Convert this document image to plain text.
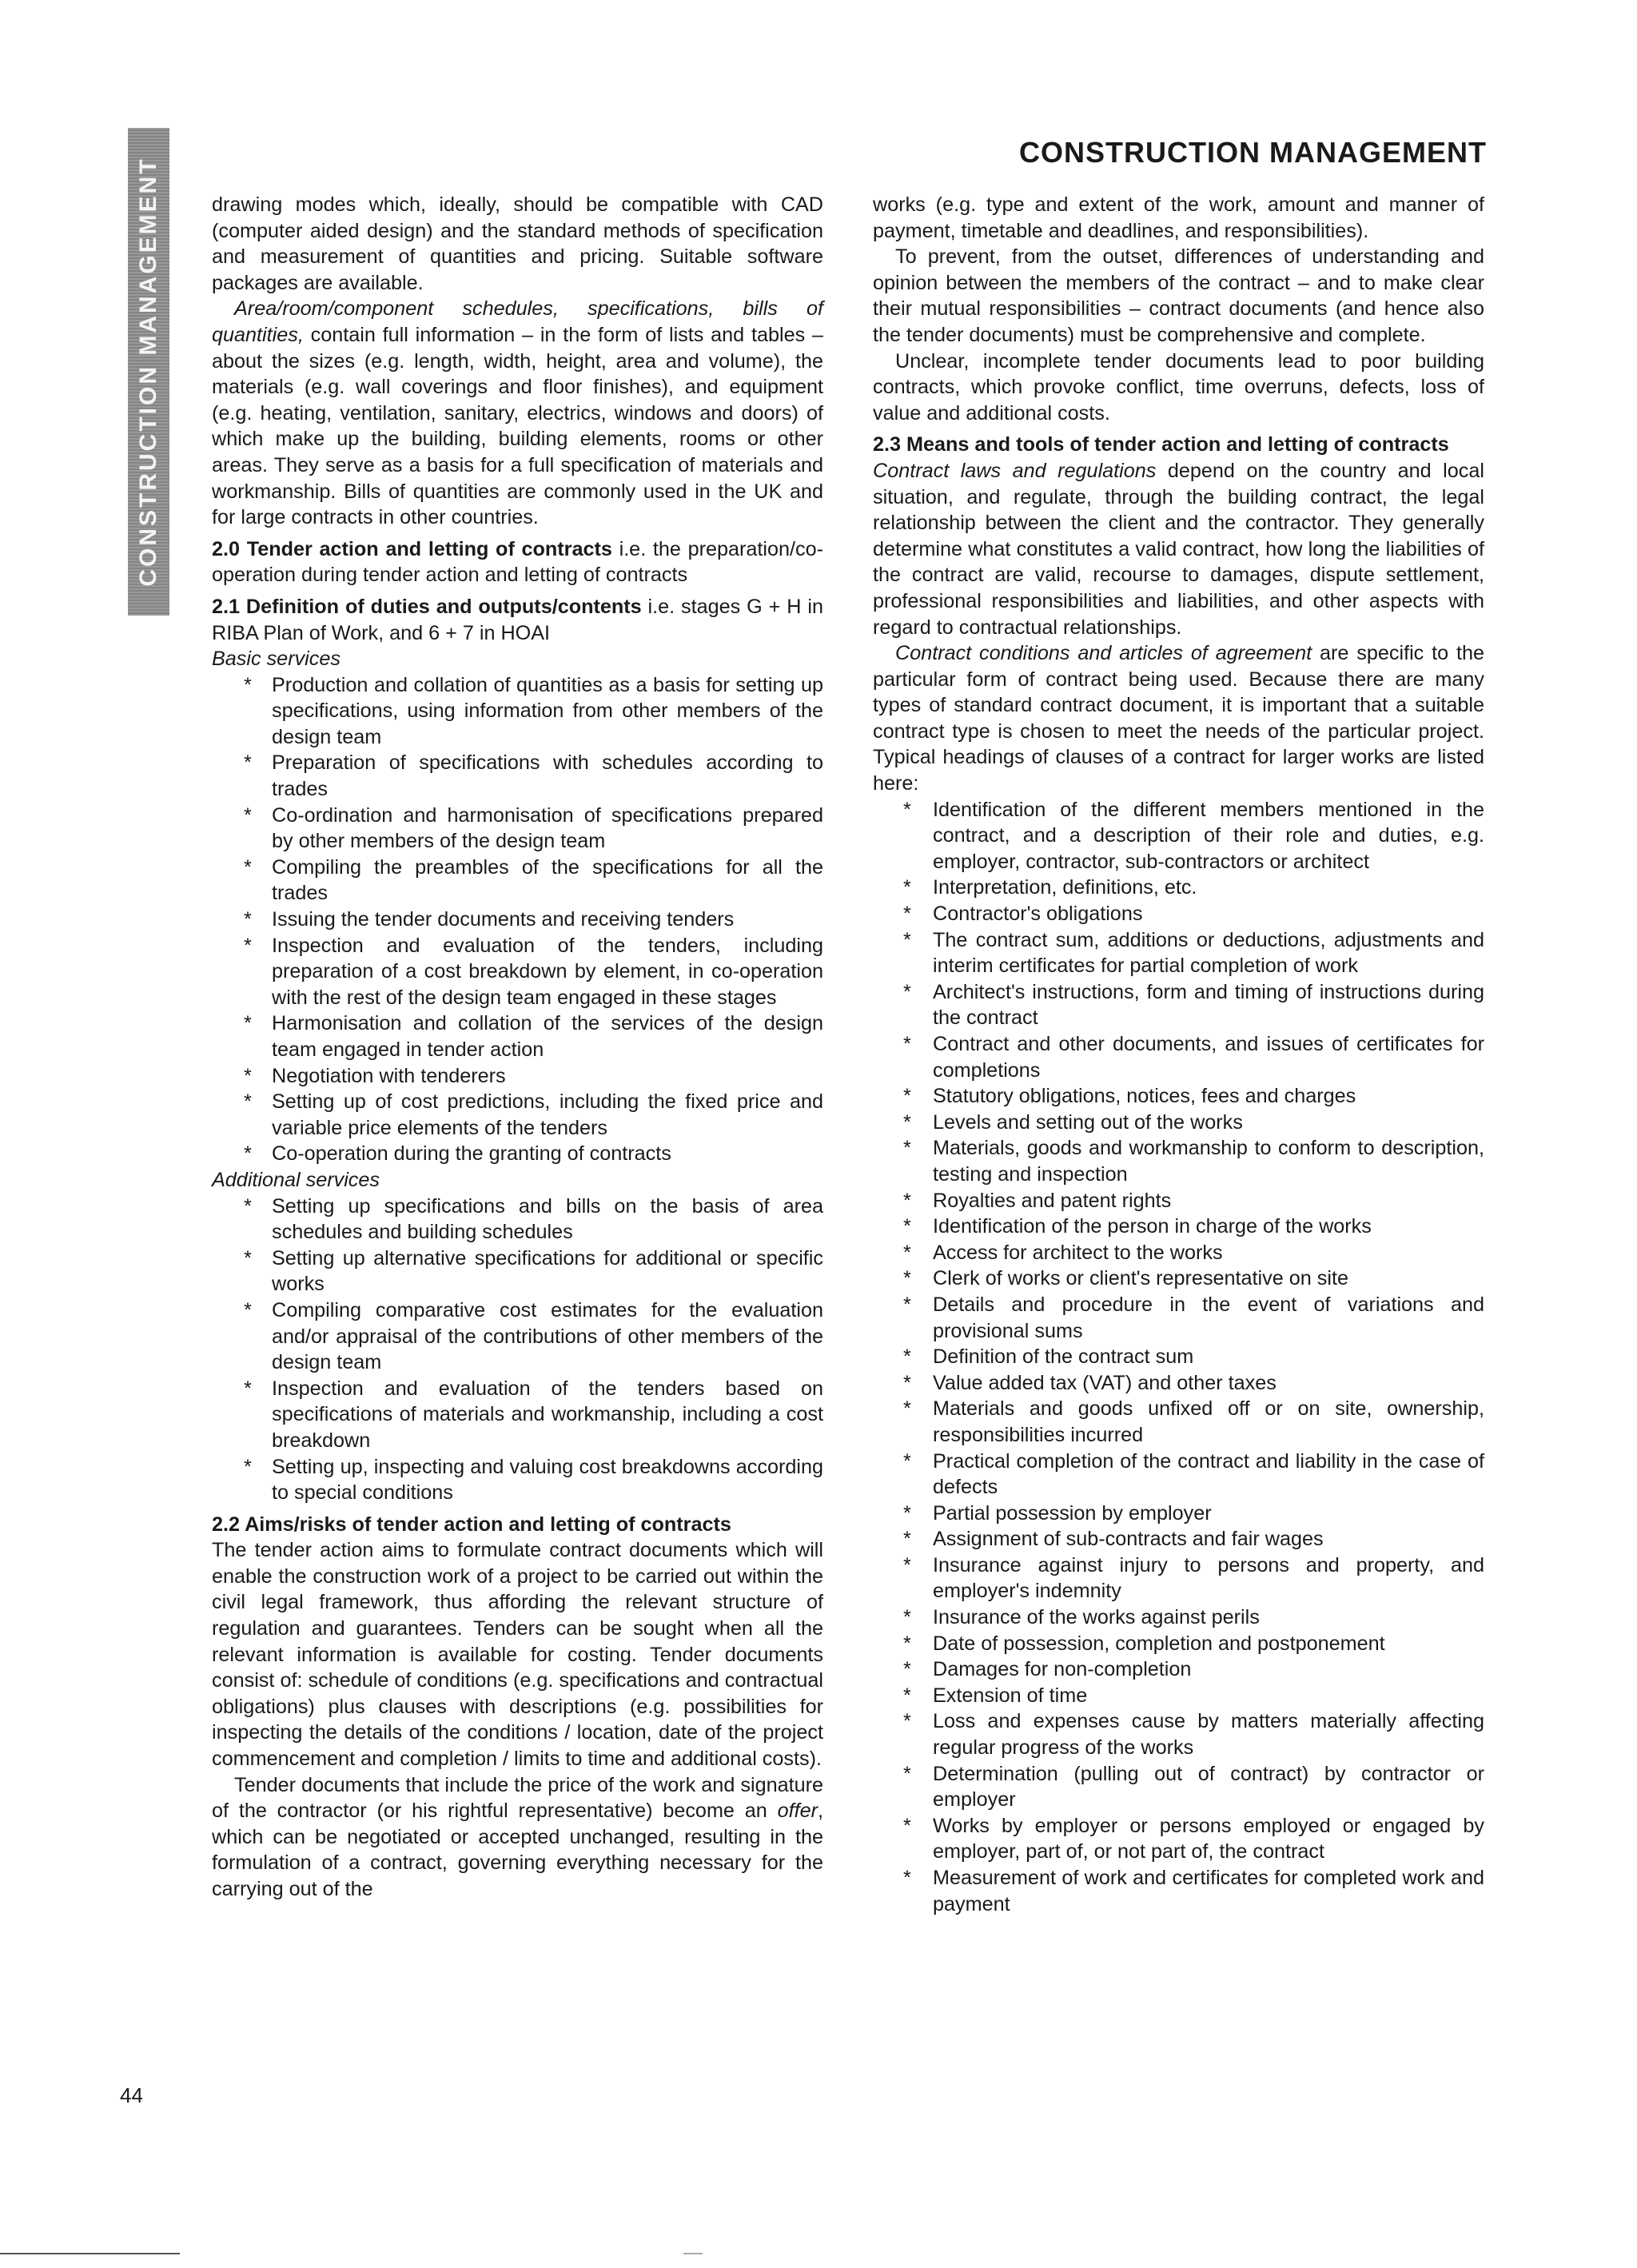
CONSTRUCTION MANAGEMENT
CONSTRUCTION MANAGEMENT

drawing modes which, ideally, should be compatible with CAD (computer aided design) and the standard methods of specification and measurement of quantities and pricing. Suitable software packages are available.

Area/room/component schedules, specifications, bills of quantities, contain full information – in the form of lists and tables – about the sizes (e.g. length, width, height, area and volume), the materials (e.g. wall coverings and floor finishes), and equipment (e.g. heating, ventilation, sanitary, electrics, windows and doors) of which make up the building, building elements, rooms or other areas. They serve as a basis for a full specification of materials and workmanship. Bills of quantities are commonly used in the UK and for large contracts in other countries.

2.0 Tender action and letting of contracts i.e. the preparation/co-operation during tender action and letting of contracts
2.1 Definition of duties and outputs/contents i.e. stages G + H in RIBA Plan of Work, and 6 + 7 in HOAI
Basic services
* Production and collation of quantities as a basis for setting up specifications, using information from other members of the design team
* Preparation of specifications with schedules according to trades
* Co-ordination and harmonisation of specifications prepared by other members of the design team
* Compiling the preambles of the specifications for all the trades
* Issuing the tender documents and receiving tenders
* Inspection and evaluation of the tenders, including preparation of a cost breakdown by element, in co-operation with the rest of the design team engaged in these stages
* Harmonisation and collation of the services of the design team engaged in tender action
* Negotiation with tenderers
* Setting up of cost predictions, including the fixed price and variable price elements of the tenders
* Co-operation during the granting of contracts
Additional services
* Setting up specifications and bills on the basis of area schedules and building schedules
* Setting up alternative specifications for additional or specific works
* Compiling comparative cost estimates for the evaluation and/or appraisal of the contributions of other members of the design team
* Inspection and evaluation of the tenders based on specifications of materials and workmanship, including a cost breakdown
* Setting up, inspecting and valuing cost breakdowns according to special conditions
2.2 Aims/risks of tender action and letting of contracts

The tender action aims to formulate contract documents which will enable the construction work of a project to be carried out within the civil legal framework, thus affording the relevant structure of regulation and guarantees. Tenders can be sought when all the relevant information is available for costing. Tender documents consist of: schedule of conditions (e.g. specifications and contractual obligations) plus clauses with descriptions (e.g. possibilities for inspecting the details of the conditions / location, date of the project commencement and completion / limits to time and additional costs).

Tender documents that include the price of the work and signature of the contractor (or his rightful representative) become an offer, which can be negotiated or accepted unchanged, resulting in the formulation of a contract, governing everything necessary for the carrying out of the

works (e.g. type and extent of the work, amount and manner of payment, timetable and deadlines, and responsibilities).

To prevent, from the outset, differences of understanding and opinion between the members of the contract – and to make clear their mutual responsibilities – contract documents (and hence also the tender documents) must be comprehensive and complete.

Unclear, incomplete tender documents lead to poor building contracts, which provoke conflict, time overruns, defects, loss of value and additional costs.

2.3 Means and tools of tender action and letting of contracts

Contract laws and regulations depend on the country and local situation, and regulate, through the building contract, the legal relationship between the client and the contractor. They generally determine what constitutes a valid contract, how long the liabilities of the contract are valid, recourse to damages, dispute settlement, professional responsibilities and liabilities, and other aspects with regard to contractual relationships.

Contract conditions and articles of agreement are specific to the particular form of contract being used. Because there are many types of standard contract document, it is important that a suitable contract type is chosen to meet the needs of the particular project. Typical headings of clauses of a contract for larger works are listed here:

* Identification of the different members mentioned in the contract, and a description of their role and duties, e.g. employer, contractor, sub-contractors or architect
* Interpretation, definitions, etc.
* Contractor's obligations
* The contract sum, additions or deductions, adjustments and interim certificates for partial completion of work
* Architect's instructions, form and timing of instructions during the contract
* Contract and other documents, and issues of certificates for completions
* Statutory obligations, notices, fees and charges
* Levels and setting out of the works
* Materials, goods and workmanship to conform to description, testing and inspection
* Royalties and patent rights
* Identification of the person in charge of the works
* Access for architect to the works
* Clerk of works or client's representative on site
* Details and procedure in the event of variations and provisional sums
* Definition of the contract sum
* Value added tax (VAT) and other taxes
* Materials and goods unfixed off or on site, ownership, responsibilities incurred
* Practical completion of the contract and liability in the case of defects
* Partial possession by employer
* Assignment of sub-contracts and fair wages
* Insurance against injury to persons and property, and employer's indemnity
* Insurance of the works against perils
* Date of possession, completion and postponement
* Damages for non-completion
* Extension of time
* Loss and expenses cause by matters materially affecting regular progress of the works
* Determination (pulling out of contract) by contractor or employer
* Works by employer or persons employed or engaged by employer, part of, or not part of, the contract
* Measurement of work and certificates for completed work and payment
44
